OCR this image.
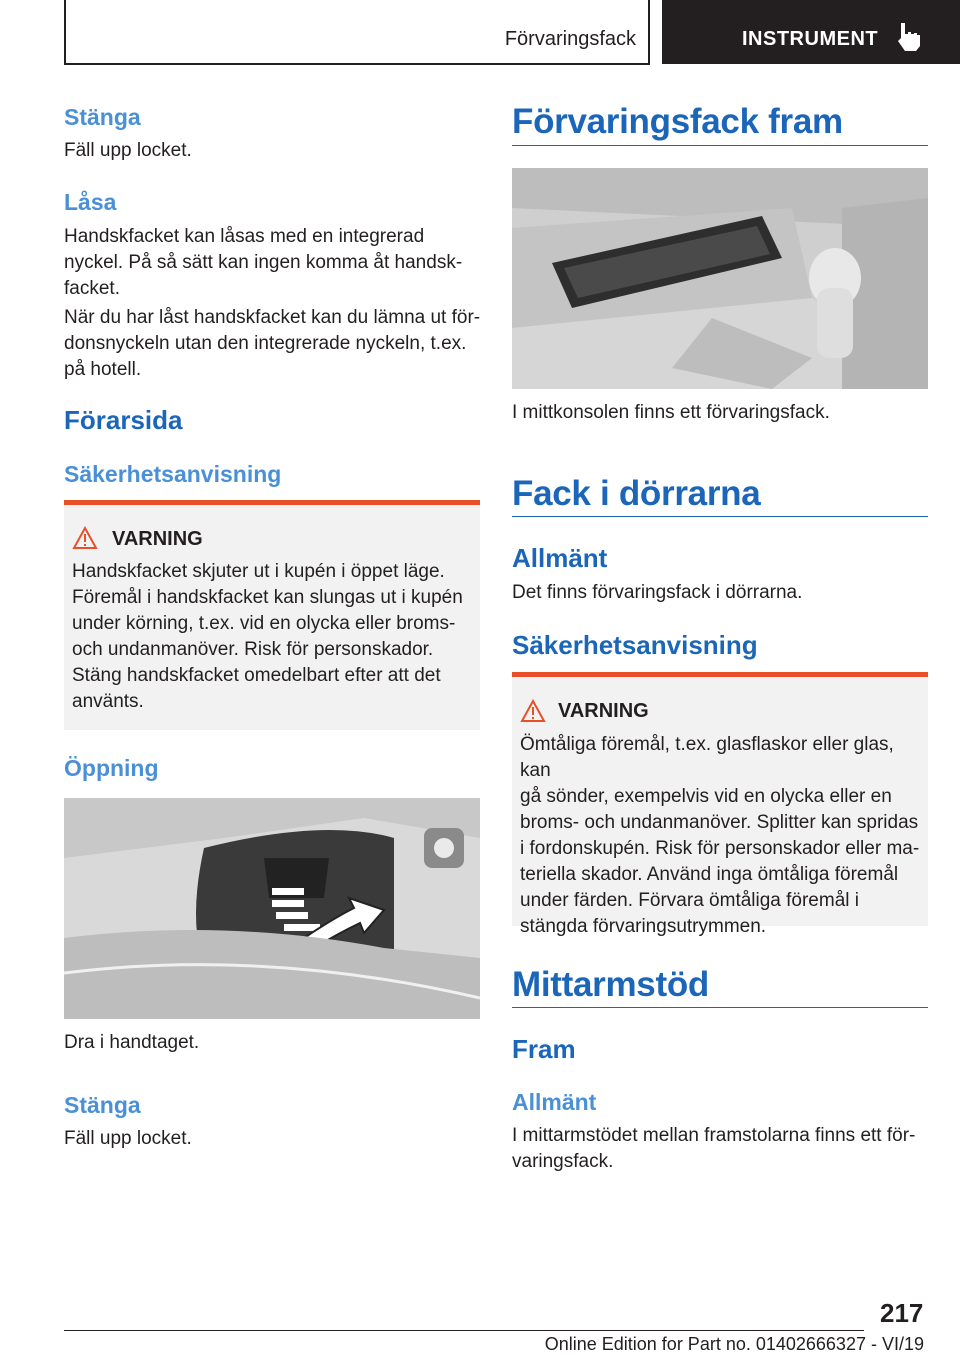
Förvaringsfack	INSTRUMENT
Stänga

Fäll upp locket.

Låsa

Handskfacket kan låsas med en integrerad

nyckel. På så sätt kan ingen komma åt handsk-

facket.

När du har låst handskfacket kan du lämna ut för-

donsnyckeln utan den integrerade nyckeln, t.ex.

på hotell.

Förarsida
Säkerhetsanvisning
VARNING
Handskfacket skjuter ut i kupén i öppet läge.
Föremål i handskfacket kan slungas ut i kupén
under körning, t.ex. vid en olycka eller broms-
och undanmanöver. Risk för personskador.
Stäng handskfacket omedelbart efter att det
använts.
Öppning

Dra i handtaget.

Stänga

Fäll upp locket.

Förvaringsfack fram

I mittkonsolen finns ett förvaringsfack.

Fack i dörrarna
Allmänt

Det finns förvaringsfack i dörrarna.

Säkerhetsanvisning
VARNING
Ömtåliga föremål, t.ex. glasflaskor eller glas, kan
gå sönder, exempelvis vid en olycka eller en
broms- och undanmanöver. Splitter kan spridas
i fordonskupén. Risk för personskador eller ma-
teriella skador. Använd inga ömtåliga föremål
under färden. Förvara ömtåliga föremål i
stängda förvaringsutrymmen.
Mittarmstöd
Fram
Allmänt

I mittarmstödet mellan framstolarna finns ett för-

varingsfack.

217
Online Edition for Part no. 01402666327 - VI/19
